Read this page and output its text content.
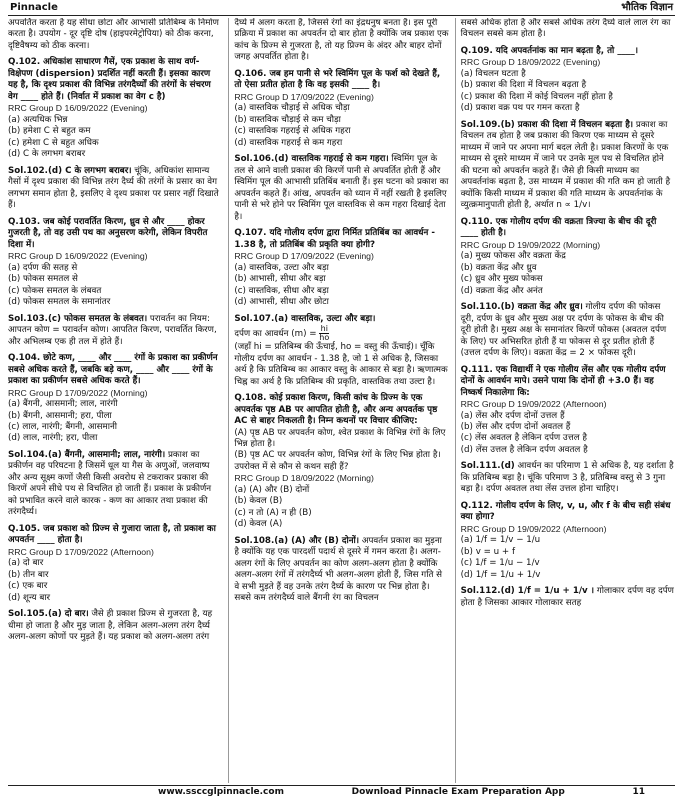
Pinnacle	भौतिक विज्ञान

अपवर्तित करता है यह सीधा छोटा और आभासी प्रतिबिम्ब के निर्माण करता है। उपयोग - दूर दृष्टि दोष (हाइपरमेट्रोपिया) को ठीक करना, दृष्टिवैषम्य को ठीक करना।

Q.102. अधिकांश साधारण गैसें, एक प्रकाश के साथ वर्ण-विक्षेपण (dispersion) प्रदर्शित नहीं करती हैं। इसका कारण यह है, कि दृश्य प्रकाश की विभिन्न तरंगदैर्घ्यों की तरंगों के संचरण वेग ____ होते हैं। (निर्वात में प्रकाश का वेग c है)

RRC Group D 16/09/2022 (Evening)
(a) अत्यधिक भिन्न
(b) हमेशा C से बहुत कम
(c) हमेशा C से बहुत अधिक
(d) C के लगभग बराबर
Sol.102.(d) C के लगभग बराबर। चूंकि, अधिकांश सामान्य गैसों में दृश्य प्रकाश की विभिन्न तरंग दैर्घ्य की तरंगों के प्रसार का वेग लगभग समान होता है, इसलिए वे दृश्य प्रकाश पर प्रसार नहीं दिखाते हैं।

Q.103. जब कोई परावर्तित किरण, ध्रुव से और ____ होकर गुजरती है, तो वह उसी पथ का अनुसरण करेगी, लेकिन विपरीत दिशा में।

RRC Group D 16/09/2022 (Evening)
(a) दर्पण की सतह से
(b) फोकस समतल से
(c) फोकस समतल के लंबवत
(d) फोकस समतल के समानांतर
Sol.103.(c) फोकस समतल के लंबवत। परावर्तन का नियम: आपतन कोण = परावर्तन कोण। आपतित किरण, परावर्तित किरण, और अभिलम्ब एक ही तल में होते हैं।

Q.104. छोटे कण, ____ और ____ रंगों के प्रकाश का प्रकीर्णन सबसे अधिक करते हैं, जबकि बड़े कण, ____ और ____ रंगों के प्रकाश का प्रकीर्णन सबसे अधिक करते हैं।

RRC Group D 17/09/2022 (Morning)
(a) बैंगनी, आसमानी; लाल, नारंगी
(b) बैंगनी, आसमानी; हरा, पीला
(c) लाल, नारंगी; बैंगनी, आसमानी
(d) लाल, नारंगी; हरा, पीला
Sol.104.(a) बैंगनी, आसमानी; लाल, नारंगी। प्रकाश का प्रकीर्णन वह परिघटना है जिसमें धूल या गैस के अणुओं, जलवाष्प और अन्य सूक्ष्म कणों जैसी किसी अवरोध से टकराकर प्रकाश की किरणें अपने सीधे पथ से विचलित हो जाती हैं। प्रकाश के प्रकीर्णन को प्रभावित करने वाले कारक - कण का आकार तथा प्रकाश की तरंगदैर्घ्य।

Q.105. जब प्रकाश को प्रिज्म से गुजारा जाता है, तो प्रकाश का अपवर्तन ____ होता है।

RRC Group D 17/09/2022 (Afternoon)
(a) दो बार
(b) तीन बार
(c) एक बार
(d) शून्य बार
Sol.105.(a) दो बार। जैसे ही प्रकाश प्रिज्म से गुजरता है, यह धीमा हो जाता है और मुड़ जाता है, लेकिन अलग-अलग तरंग दैर्घ्य अलग-अलग कोणों पर मुड़ते हैं। यह प्रकाश को अलग-अलग तरंग

दैर्घ्य में अलग करता है, जिससे रंगों का इंद्रधनुष बनता है। इस पूरी प्रक्रिया में प्रकाश का अपवर्तन दो बार होता है क्योंकि जब प्रकाश एक कांच के प्रिज्म से गुजरता है, तो यह प्रिज्म के अंदर और बाहर दोनों जगह अपवर्तित होता है।

Q.106. जब हम पानी से भरे स्विमिंग पूल के फर्श को देखते हैं, तो ऐसा प्रतीत होता है कि वह इसकी ____ है।

RRC Group D 17/09/2022 (Evening)
(a) वास्तविक चौड़ाई से अधिक चौड़ा
(b) वास्तविक चौड़ाई से कम चौड़ा
(c) वास्तविक गहराई से अधिक गहरा
(d) वास्तविक गहराई से कम गहरा
Sol.106.(d) वास्तविक गहराई से कम गहरा। स्विमिंग पूल के तल से आने वाली प्रकाश की किरणें पानी से अपवर्तित होती हैं और स्विमिंग पूल की आभासी प्रतिबिंब बनाती हैं। इस घटना को प्रकाश का अपवर्तन कहते हैं। आंख, अपवर्तन को ध्यान में नहीं रखती है इसलिए पानी से भरे होने पर स्विमिंग पूल वास्तविक से कम गहरा दिखाई देता है।

Q.107. यदि गोलीय दर्पण द्वारा निर्मित प्रतिबिंब का आवर्धन - 1.38 है, तो प्रतिबिंब की प्रकृति क्या होगी?

RRC Group D 17/09/2022 (Evening)
(a) वास्तविक, उल्टा और बड़ा
(b) आभासी, सीधा और बड़ा
(c) वास्तविक, सीधा और बड़ा
(d) आभासी, सीधा और छोटा
Sol.107.(a) वास्तविक, उल्टा और बड़ा।
दर्पण का आवर्धन $(m) = \frac{hi}{ho}$
(जहाँ hi = प्रतिबिम्ब की ऊँचाई, ho = वस्तु की ऊँचाई)। चूँकि गोलीय दर्पण का आवर्धन - 1.38 है, जो 1 से अधिक है, जिसका अर्थ है कि प्रतिबिम्ब का आकार वस्तु के आकार से बड़ा है। ऋणात्मक चिह्न का अर्थ है कि प्रतिबिम्ब की प्रकृति, वास्तविक तथा उल्टा है।

Q.108. कोई प्रकाश किरण, किसी कांच के प्रिज्म के एक अपवर्तक पृष्ठ AB पर आपतित होती है, और अन्य अपवर्तक पृष्ठ AC से बाहर निकलती है। निम्न कथनों पर विचार कीजिए:

(A) पृष्ठ AB पर अपवर्तन कोण, श्वेत प्रकाश के विभिन्न रंगों के लिए भिन्न होता है।
(B) पृष्ठ AC पर अपवर्तन कोण, विभिन्न रंगों के लिए भिन्न होता है।
उपरोक्त में से कौन से कथन सही हैं?
RRC Group D 18/09/2022 (Morning)
(a) (A) और (B) दोनों
(b) केवल (B)
(c) न तो (A) न ही (B)
(d) केवल (A)
Sol.108.(a) (A) और (B) दोनों। अपवर्तन प्रकाश का मुड़ना है क्योंकि यह एक पारदर्शी पदार्थ से दूसरे में गमन करता है। अलग-अलग रंगों के लिए अपवर्तन का कोण अलग-अलग होता है क्योंकि अलग-अलग रंगों में तरंगदैर्घ्य भी अलग-अलग होती हैं, जिस गति से वे सभी मुड़ते हैं वह उनके तरंग दैर्घ्य के कारण पर भिन्न होता है। सबसे कम तरंगदैर्घ्य वाले बैंगनी रंग का विचलन

सबसे अधिक होता है और सबसे अधिक तरंग दैर्घ्य वाले लाल रंग का विचलन सबसे कम होता है।

Q.109. यदि अपवर्तनांक का मान बढ़ता है, तो ____।

RRC Group D 18/09/2022 (Evening)
(a) विचलन घटता है
(b) प्रकाश की दिशा में विचलन बढ़ता है
(c) प्रकाश की दिशा में कोई विचलन नहीं होता है
(d) प्रकाश वक्र पथ पर गमन करता है
Sol.109.(b) प्रकाश की दिशा में विचलन बढ़ता है। प्रकाश का विचलन तब होता है जब प्रकाश की किरण एक माध्यम से दूसरे माध्यम में जाने पर अपना मार्ग बदल लेती है। प्रकाश किरणों के एक माध्यम से दूसरे माध्यम में जाने पर उनके मूल पथ से विचलित होने की घटना को अपवर्तन कहते हैं। जैसे ही किसी माध्यम का अपवर्तनांक बढ़ता है, उस माध्यम में प्रकाश की गति कम हो जाती है क्योंकि किसी माध्यम में प्रकाश की गति माध्यम के अपवर्तनांक के व्युत्क्रमानुपाती होती है, अर्थात n ∝ 1/v।

Q.110. एक गोलीय दर्पण की वक्रता त्रिज्या के बीच की दूरी ____ होती है।

RRC Group D 19/09/2022 (Morning)
(a) मुख्य फोकस और वक्रता केंद्र
(b) वक्रता केंद्र और ध्रुव
(c) ध्रुव और मुख्य फोकस
(d) वक्रता केंद्र और अनंत
Sol.110.(b) वक्रता केंद्र और ध्रुव। गोलीय दर्पण की फोकस दूरी, दर्पण के ध्रुव और मुख्य अक्ष पर दर्पण के फोकस के बीच की दूरी होती है। मुख्य अक्ष के समानांतर किरणें फोकस (अवतल दर्पण के लिए) पर अभिसरित होती हैं या फोकस से दूर प्रतीत होती हैं (उत्तल दर्पण के लिए)। वक्रता केंद्र = 2 × फोकस दूरी।

Q.111. एक विद्यार्थी ने एक गोलीय लेंस और एक गोलीय दर्पण दोनों के आवर्धन मापे। उसने पाया कि दोनों ही +3.0 हैं। वह निष्कर्ष निकालेगा कि:

RRC Group D 19/09/2022 (Afternoon)
(a) लेंस और दर्पण दोनों उत्तल हैं
(b) लेंस और दर्पण दोनों अवतल हैं
(c) लेंस अवतल है लेकिन दर्पण उत्तल है
(d) लेंस उत्तल है लेकिन दर्पण अवतल है
Sol.111.(d) आवर्धन का परिमाण 1 से अधिक है, यह दर्शाता है कि प्रतिबिम्ब बड़ा है। चूंकि परिमाण 3 है, प्रतिबिम्ब वस्तु से 3 गुना बड़ा है। दर्पण अवतल तथा लेंस उत्तल होना चाहिए।

Q.112. गोलीय दर्पण के लिए, v, u, और f के बीच सही संबंध क्या होगा?

RRC Group D 19/09/2022 (Afternoon)
(a) 1/f = 1/v − 1/u
(b) v = u + f
(c) 1/f = 1/u − 1/v
(d) 1/f = 1/u + 1/v
Sol.112.(d) 1/f = 1/u + 1/v । गोलाकार दर्पण वह दर्पण होता है जिसका आकार गोलाकार सतह
www.ssccglpinnacle.com	Download Pinnacle Exam Preparation App	11
